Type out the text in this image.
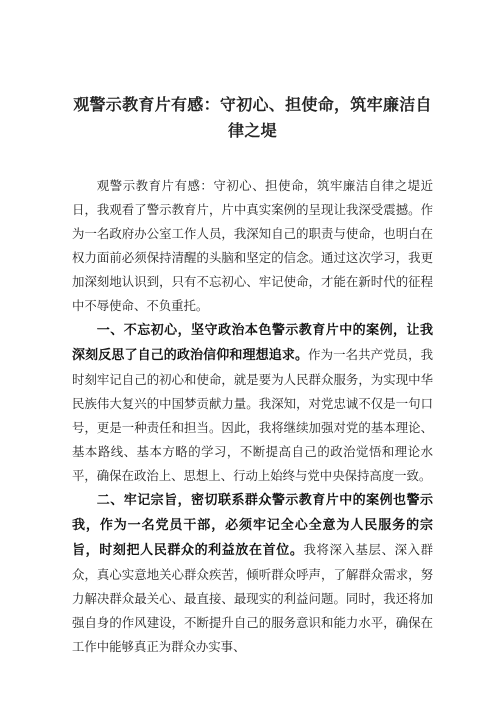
观警示教育片有感：守初心、担使命，筑牢廉洁自律之堤

观警示教育片有感：守初心、担使命，筑牢廉洁自律之堤近日，我观看了警示教育片，片中真实案例的呈现让我深受震撼。作为一名政府办公室工作人员，我深知自己的职责与使命，也明白在权力面前必须保持清醒的头脑和坚定的信念。通过这次学习，我更加深刻地认识到，只有不忘初心、牢记使命，才能在新时代的征程中不辱使命、不负重托。

一、不忘初心，坚守政治本色警示教育片中的案例，让我深刻反思了自己的政治信仰和理想追求。作为一名共产党员，我时刻牢记自己的初心和使命，就是要为人民群众服务，为实现中华民族伟大复兴的中国梦贡献力量。我深知，对党忠诚不仅是一句口号，更是一种责任和担当。因此，我将继续加强对党的基本理论、基本路线、基本方略的学习，不断提高自己的政治觉悟和理论水平，确保在政治上、思想上、行动上始终与党中央保持高度一致。

二、牢记宗旨，密切联系群众警示教育片中的案例也警示我，作为一名党员干部，必须牢记全心全意为人民服务的宗旨，时刻把人民群众的利益放在首位。我将深入基层、深入群众，真心实意地关心群众疾苦，倾听群众呼声，了解群众需求，努力解决群众最关心、最直接、最现实的利益问题。同时，我还将加强自身的作风建设，不断提升自己的服务意识和能力水平，确保在工作中能够真正为群众办实事、
